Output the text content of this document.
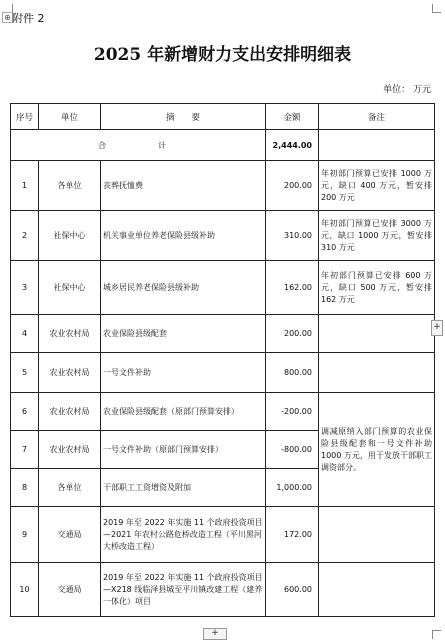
⊕ 附件 2
2025 年新增财力支出安排明细表
单位： 万元
序号	单位	摘　　要	金额	备注
合　　计			2,444.00	
1	各单位	丧葬抚恤费	200.00	年初部门预算已安排 1000 万元，缺口 400 万元，暂安排 200 万元
2	社保中心	机关事业单位养老保险县级补助	310.00	年初部门预算已安排 3000 万元，缺口 1000 万元，暂安排 310 万元
3	社保中心	城乡居民养老保险县级补助	162.00	年初部门预算已安排 600 万元，缺口 500 万元，暂安排 162 万元
4	农业农村局	农业保险县级配套	200.00	
5	农业农村局	一号文件补助	800.00	
6	农业农村局	农业保险县级配套（原部门预算安排）	-200.00	调减原纳入部门预算的农业保险县级配套和一号文件补助 1000 万元，用于发放干部职工调资部分。
7	农业农村局	一号文件补助（原部门预算安排）	-800.00	
8	各单位	干部职工工资增资及附加	1,000.00	
9	交通局	2019 年至 2022 年实施 11 个政府投资项目—2021 年农村公路危桥改造工程（平川黑河大桥改造工程）	172.00	
10	交通局	2019 年至 2022 年实施 11 个政府投资项目—X218 线临泽县城至平川镇改建工程（建养一体化）项目	600.00	
+
+
